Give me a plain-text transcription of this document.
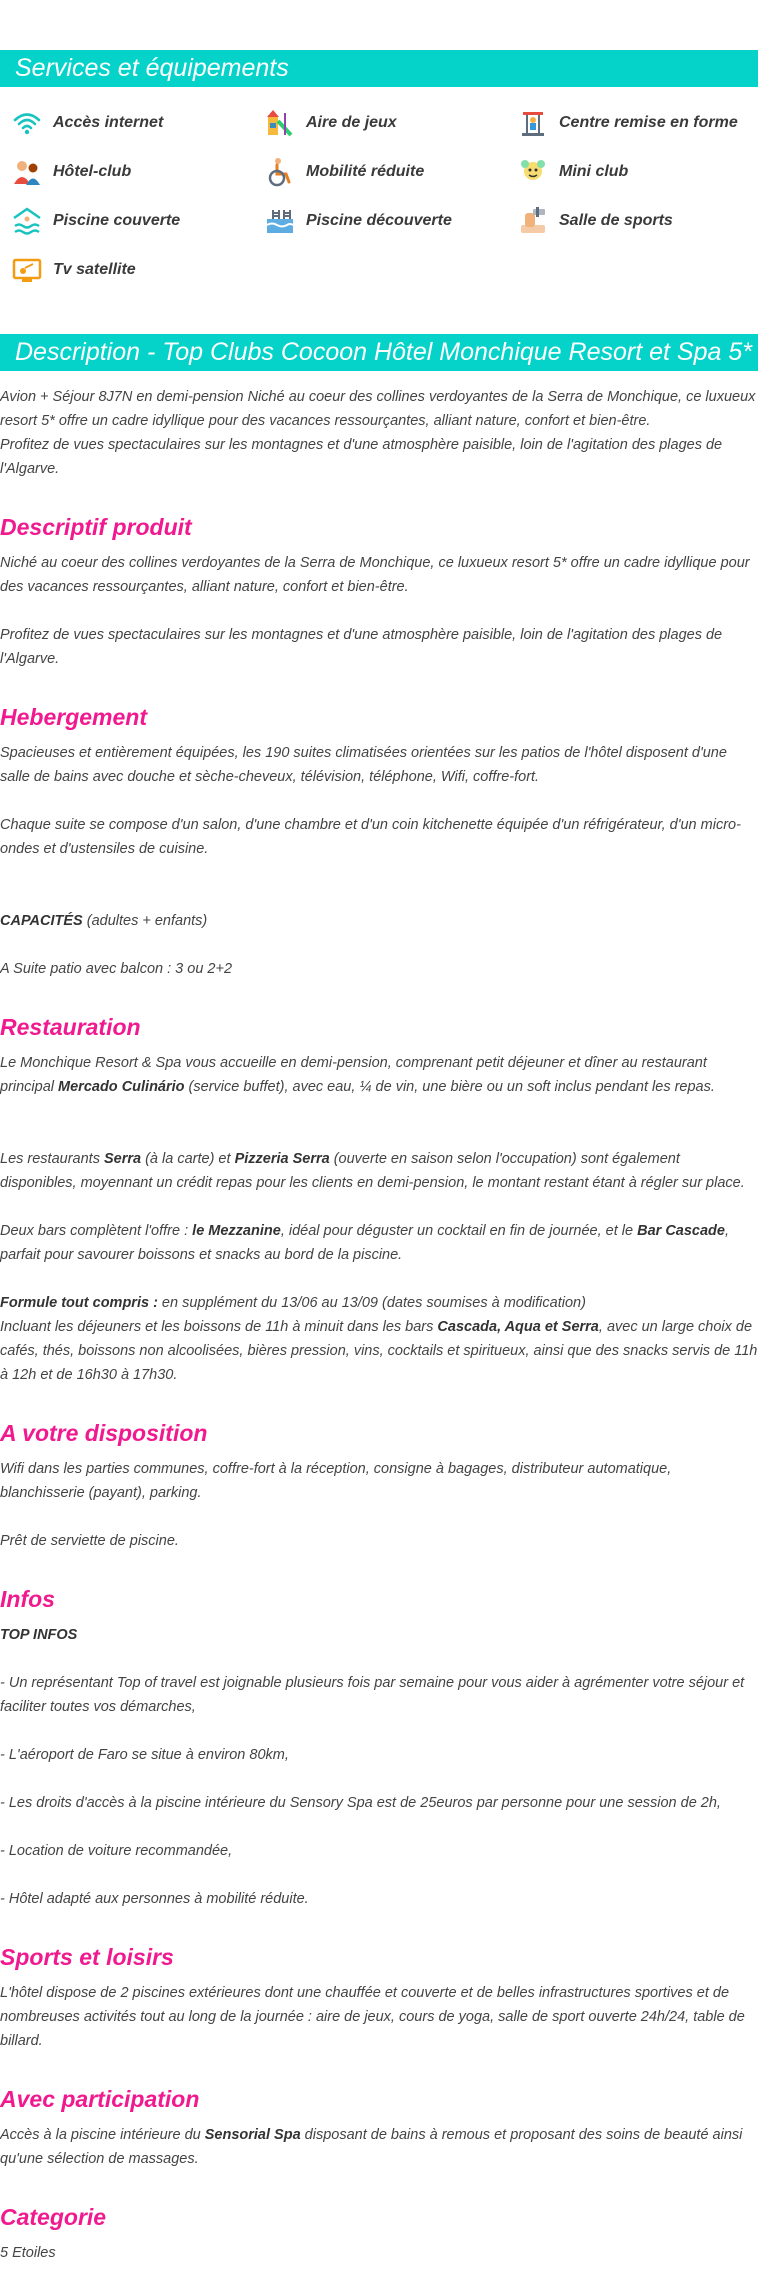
Services et équipements
Accès internet	Aire de jeux	Centre remise en forme
Hôtel-club	Mobilité réduite	Mini club
Piscine couverte	Piscine découverte	Salle de sports
Tv satellite
Description - Top Clubs Cocoon Hôtel Monchique Resort et Spa 5*

Avion + Séjour 8J7N en demi-pension Niché au coeur des collines verdoyantes de la Serra de Monchique, ce luxueux resort 5* offre un cadre idyllique pour des vacances ressourçantes, alliant nature, confort et bien-être.

Profitez de vues spectaculaires sur les montagnes et d'une atmosphère paisible, loin de l'agitation des plages de l'Algarve.

Descriptif produit

Niché au coeur des collines verdoyantes de la Serra de Monchique, ce luxueux resort 5* offre un cadre idyllique pour des vacances ressourçantes, alliant nature, confort et bien-être.

Profitez de vues spectaculaires sur les montagnes et d'une atmosphère paisible, loin de l'agitation des plages de l'Algarve.

Hebergement

Spacieuses et entièrement équipées, les 190 suites climatisées orientées sur les patios de l'hôtel disposent d'une salle de bains avec douche et sèche-cheveux, télévision, téléphone, Wifi, coffre-fort.

Chaque suite se compose d'un salon, d'une chambre et d'un coin kitchenette équipée d'un réfrigérateur, d'un micro-ondes et d'ustensiles de cuisine.

CAPACITÉS (adultes + enfants)

A Suite patio avec balcon : 3 ou 2+2

Restauration

Le Monchique Resort & Spa vous accueille en demi-pension, comprenant petit déjeuner et dîner au restaurant principal Mercado Culinário (service buffet), avec eau, ¼ de vin, une bière ou un soft inclus pendant les repas.

Les restaurants Serra (à la carte) et Pizzeria Serra (ouverte en saison selon l'occupation) sont également disponibles, moyennant un crédit repas pour les clients en demi-pension, le montant restant étant à régler sur place.

Deux bars complètent l'offre : le Mezzanine, idéal pour déguster un cocktail en fin de journée, et le Bar Cascade, parfait pour savourer boissons et snacks au bord de la piscine.

Formule tout compris : en supplément du 13/06 au 13/09 (dates soumises à modification)

Incluant les déjeuners et les boissons de 11h à minuit dans les bars Cascada, Aqua et Serra, avec un large choix de cafés, thés, boissons non alcoolisées, bières pression, vins, cocktails et spiritueux, ainsi que des snacks servis de 11h à 12h et de 16h30 à 17h30.

A votre disposition

Wifi dans les parties communes, coffre-fort à la réception, consigne à bagages, distributeur automatique, blanchisserie (payant), parking.

Prêt de serviette de piscine.

Infos

TOP INFOS

- Un représentant Top of travel est joignable plusieurs fois par semaine pour vous aider à agrémenter votre séjour et faciliter toutes vos démarches,

- L'aéroport de Faro se situe à environ 80km,

- Les droits d'accès à la piscine intérieure du Sensory Spa est de 25euros par personne pour une session de 2h,

- Location de voiture recommandée,

- Hôtel adapté aux personnes à mobilité réduite.

Sports et loisirs

L'hôtel dispose de 2 piscines extérieures dont une chauffée et couverte et de belles infrastructures sportives et de nombreuses activités tout au long de la journée : aire de jeux, cours de yoga, salle de sport ouverte 24h/24, table de billard.

Avec participation

Accès à la piscine intérieure du Sensorial Spa disposant de bains à remous et proposant des soins de beauté ainsi qu'une sélection de massages.

Categorie

5 Etoiles
